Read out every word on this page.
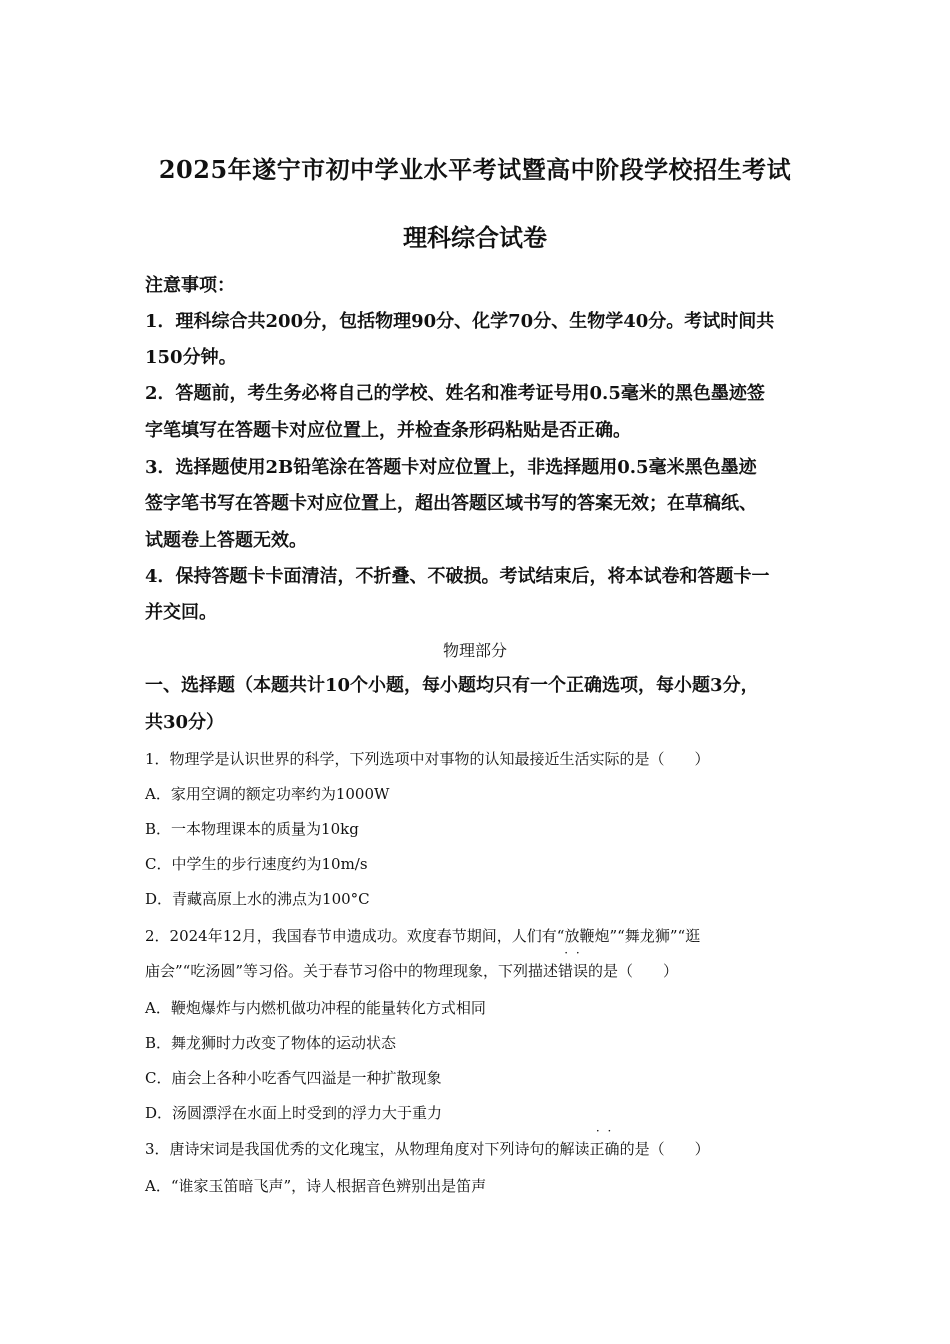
2025年遂宁市初中学业水平考试暨高中阶段学校招生考试
理科综合试卷
注意事项：
1．理科综合共200分，包括物理90分、化学70分、生物学40分。考试时间共
150分钟。
2．答题前，考生务必将自己的学校、姓名和准考证号用0.5毫米的黑色墨迹签
字笔填写在答题卡对应位置上，并检查条形码粘贴是否正确。
3．选择题使用2B铅笔涂在答题卡对应位置上，非选择题用0.5毫米黑色墨迹
签字笔书写在答题卡对应位置上，超出答题区域书写的答案无效；在草稿纸、
试题卷上答题无效。
4．保持答题卡卡面清洁，不折叠、不破损。考试结束后，将本试卷和答题卡一
并交回。
物理部分
一、选择题（本题共计10个小题，每小题均只有一个正确选项，每小题3分，
共30分）
1．物理学是认识世界的科学，下列选项中对事物的认知最接近生活实际的是（　　）
A．家用空调的额定功率约为1000W
B．一本物理课本的质量为10kg
C．中学生的步行速度约为10m/s
D．青藏高原上水的沸点为100°C
2．2024年12月，我国春节申遗成功。欢度春节期间，人们有“放鞭炮”“舞龙狮”“逛
庙会”“吃汤圆”等习俗。关于春节习俗中的物理现象，下列描述错误 · ·的是（　　）
A．鞭炮爆炸与内燃机做功冲程的能量转化方式相同
B．舞龙狮时力改变了物体的运动状态
C．庙会上各种小吃香气四溢是一种扩散现象
D．汤圆漂浮在水面上时受到的浮力大于重力
3．唐诗宋词是我国优秀的文化瑰宝，从物理角度对下列诗句的解读正确 · ·的是（　　）
A．“谁家玉笛暗飞声”，诗人根据音色辨别出是笛声
